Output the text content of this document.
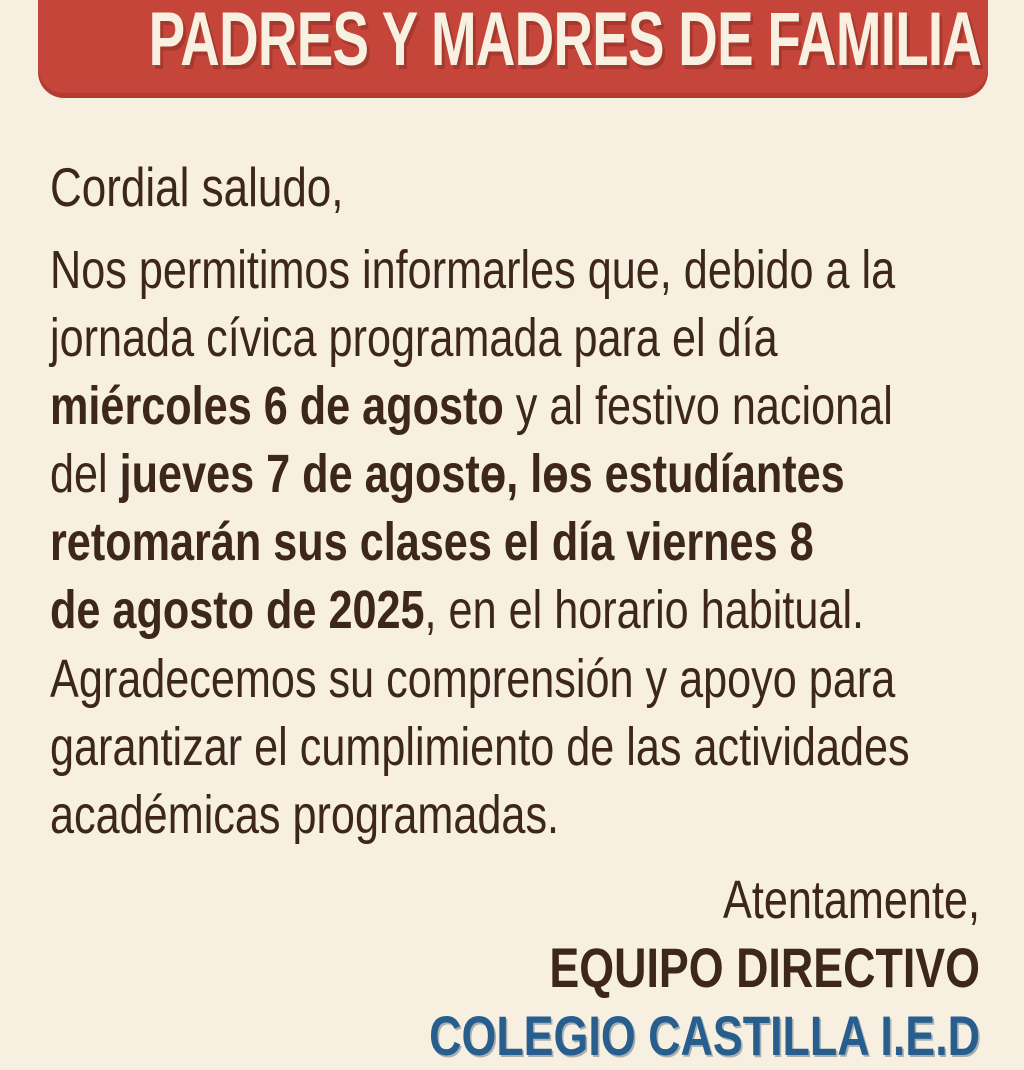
PADRES Y MADRES DE FAMILIA
Cordial saludo,
Nos permitimos informarles que, debido a la
jornada cívica programada para el día
miércoles 6 de agosto y al festivo nacional
del jueves 7 de agostɵ, lɵs estudíantes
retomarán sus clases el día viernes 8
de agosto de 2025, en el horario habitual.
Agradecemos su comprensión y apoyo para
garantizar el cumplimiento de las actividades
académicas programadas.
Atentamente,
EQUIPO DIRECTIVO
COLEGIO CASTILLA I.E.D
